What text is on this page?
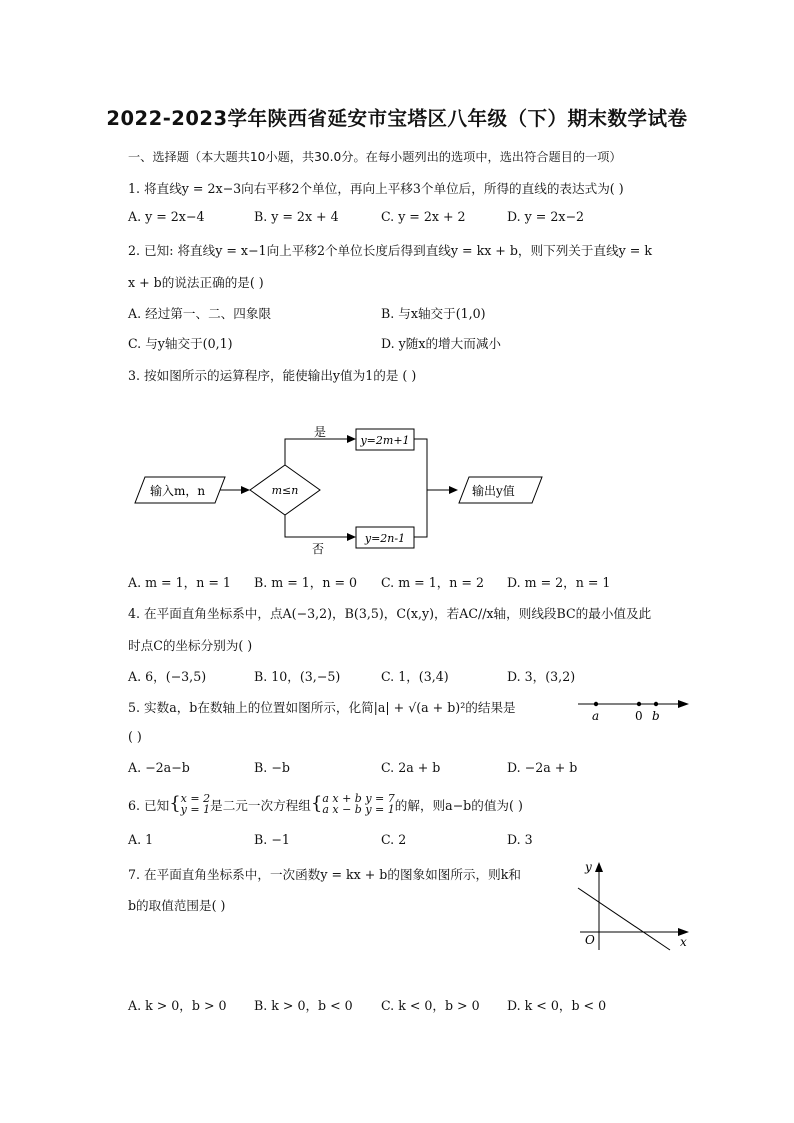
2022-2023学年陕西省延安市宝塔区八年级（下）期末数学试卷
一、选择题（本大题共10小题，共30.0分。在每小题列出的选项中，选出符合题目的一项）
1. 将直线y = 2x−3向右平移2个单位，再向上平移3个单位后，所得的直线的表达式为( )
A. y = 2x−4	B. y = 2x + 4	C. y = 2x + 2	D. y = 2x−2
2. 已知: 将直线y = x−1向上平移2个单位长度后得到直线y = kx + b，则下列关于直线y = k
x + b的说法正确的是( )
A. 经过第一、二、四象限	B. 与x轴交于(1,0)
C. 与y轴交于(0,1)	D. y随x的增大而减小
3. 按如图所示的运算程序，能使输出y值为1的是 ( )
输入m，n	m≤n
是
否
y=2m+1
y=2n-1
输出y值
A. m = 1，n = 1 B. m = 1，n = 0 C. m = 1，n = 2 D. m = 2，n = 1
4. 在平面直角坐标系中，点A(−3,2)，B(3,5)，C(x,y)，若AC//x轴，则线段BC的最小值及此
时点C的坐标分别为( )
A. 6，(−3,5)	B. 10，(3,−5)	C. 1，(3,4)	D. 3，(3,2)
5. 实数a，b在数轴上的位置如图所示，化简|a| + √(a + b)²的结果是
a	0 b
( )
A. −2a−b	B. −b	C. 2a + b	D. −2a + b
6. 已知 { x = 2
y = 1 是二元一次方程组 { a x + b y = 7
a x − b y = 1 的解，则a−b的值为( )
A. 1	B. −1	C. 2	D. 3
7. 在平面直角坐标系中，一次函数y = kx + b的图象如图所示，则k和
b的取值范围是( )
y
x
O
A. k > 0，b > 0 B. k > 0，b < 0 C. k < 0，b > 0 D. k < 0，b < 0
